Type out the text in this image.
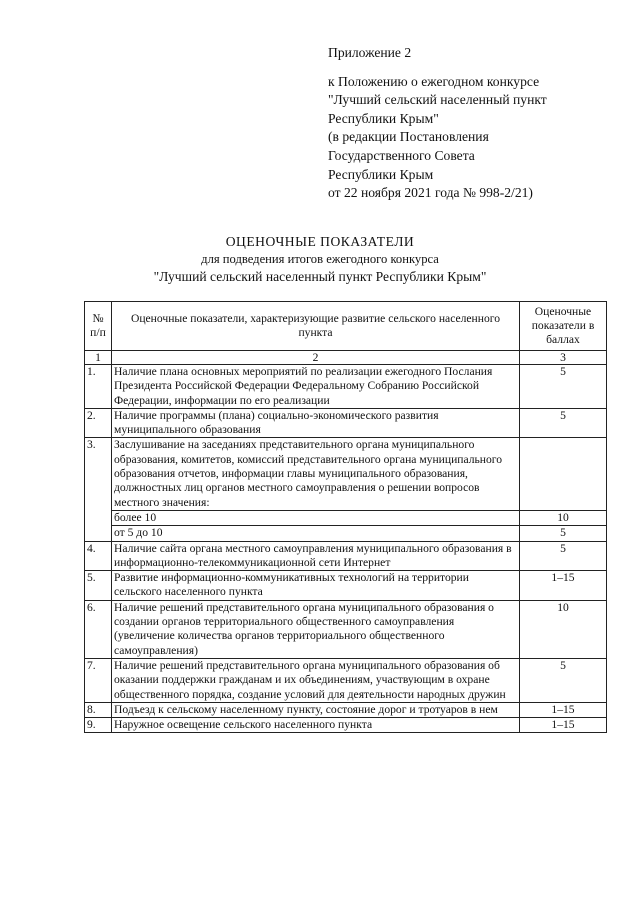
Приложение 2
к Положению о ежегодном конкурсе
"Лучший сельский населенный пункт
Республики Крым"
(в редакции Постановления
Государственного Совета
Республики Крым
от 22 ноября 2021 года № 998-2/21)
ОЦЕНОЧНЫЕ ПОКАЗАТЕЛИ
для подведения итогов ежегодного конкурса
"Лучший сельский населенный пункт Республики Крым"
№ п/п	Оценочные показатели, характеризующие развитие сельского населенного пункта	Оценочные показатели в баллах
1	2	3
1.	Наличие плана основных мероприятий по реализации ежегодного Послания Президента Российской Федерации Федеральному Собранию Российской Федерации, информации по его реализации	5
2.	Наличие программы (плана) социально-экономического развития муниципального образования	5
3.	Заслушивание на заседаниях представительного органа муниципального образования, комитетов, комиссий представительного органа муниципального образования отчетов, информации главы муниципального образования, должностных лиц органов местного самоуправления о решении вопросов местного значения:	
	более 10	10
	от 5 до 10	5
4.	Наличие сайта органа местного самоуправления муниципального образования в информационно-телекоммуникационной сети Интернет	5
5.	Развитие информационно-коммуникативных технологий на территории сельского населенного пункта	1–15
6.	Наличие решений представительного органа муниципального образования о создании органов территориального общественного самоуправления (увеличение количества органов территориального общественного самоуправления)	10
7.	Наличие решений представительного органа муниципального образования об оказании поддержки гражданам и их объединениям, участвующим в охране общественного порядка, создание условий для деятельности народных дружин	5
8.	Подъезд к сельскому населенному пункту, состояние дорог и тротуаров в нем	1–15
9.	Наружное освещение сельского населенного пункта	1–15
